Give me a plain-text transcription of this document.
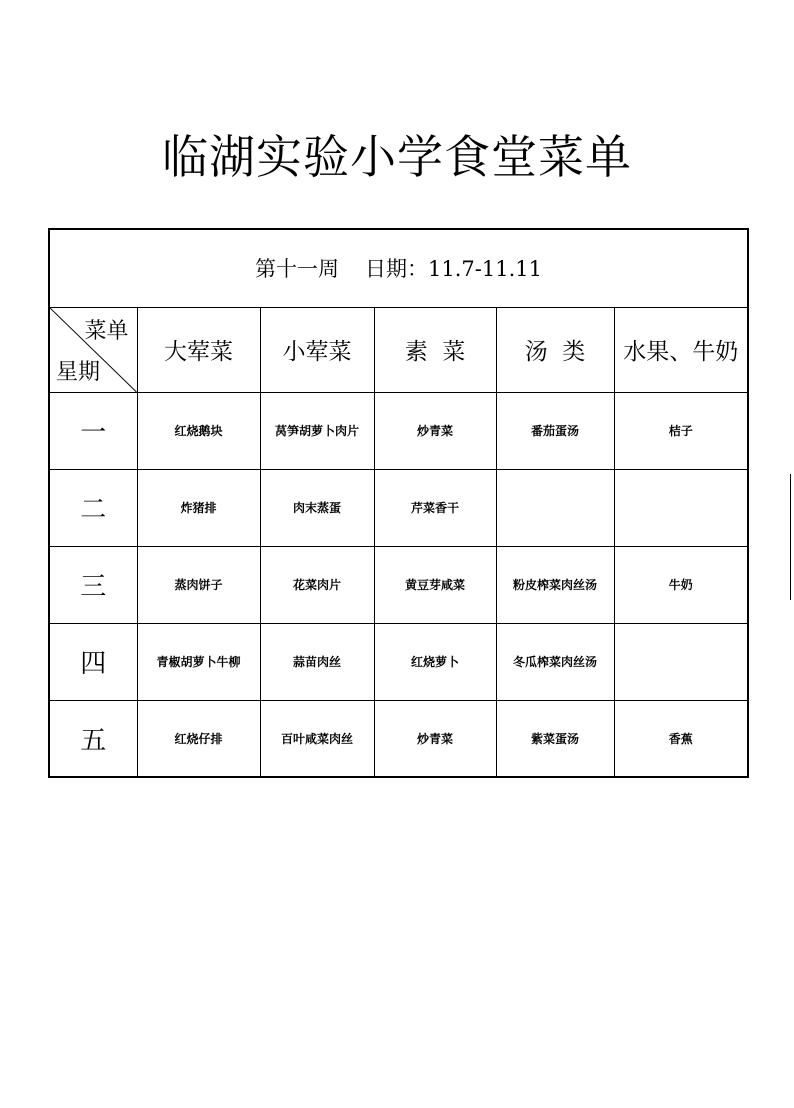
临湖实验小学食堂菜单
第十一周 日期：11.7-11.11					

菜单
星期	大荤菜	小荤菜	素  菜	汤  类	水果、牛奶
一	红烧鹅块	莴笋胡萝卜肉片	炒青菜	番茄蛋汤	桔子
二	炸猪排	肉末蒸蛋	芹菜香干		
三	蒸肉饼子	花菜肉片	黄豆芽咸菜	粉皮榨菜肉丝汤	牛奶
四	青椒胡萝卜牛柳	蒜苗肉丝	红烧萝卜	冬瓜榨菜肉丝汤	
五	红烧仔排	百叶咸菜肉丝	炒青菜	紫菜蛋汤	香蕉
